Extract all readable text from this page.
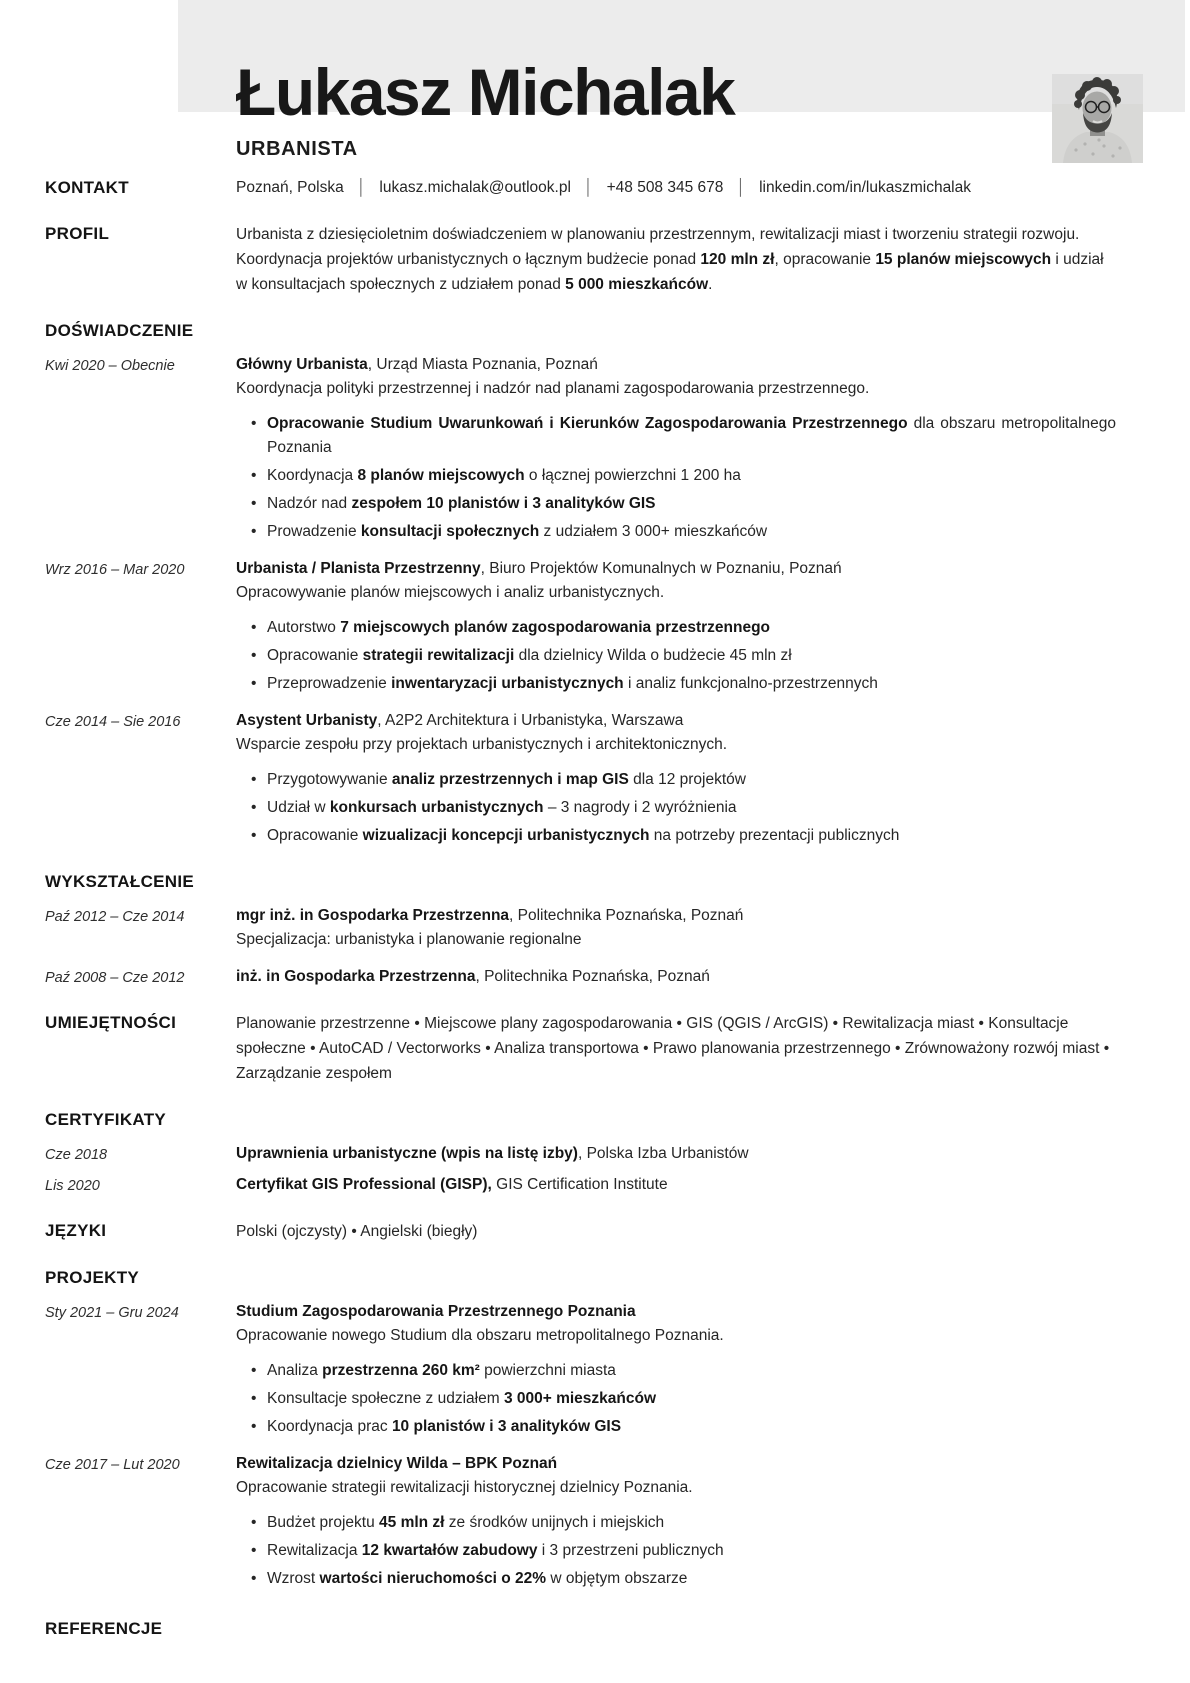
Łukasz Michalak
URBANISTA
KONTAKT	Poznań, Polska │ lukasz.michalak@outlook.pl │ +48 508 345 678 │ linkedin.com/in/lukaszmichalak
PROFIL	Urbanista z dziesięcioletnim doświadczeniem w planowaniu przestrzennym, rewitalizacji miast i tworzeniu strategii rozwoju. Koordynacja projektów urbanistycznych o łącznym budżecie ponad 120 mln zł, opracowanie 15 planów miejscowych i udział w konsultacjach społecznych z udziałem ponad 5 000 mieszkańców.
DOŚWIADCZENIE
Kwi 2020 – Obecnie	Główny Urbanista, Urząd Miasta Poznania, Poznań
Koordynacja polityki przestrzennej i nadzór nad planami zagospodarowania przestrzennego.
• Opracowanie Studium Uwarunkowań i Kierunków Zagospodarowania Przestrzennego dla obszaru metropolitalnego Poznania
• Koordynacja 8 planów miejscowych o łącznej powierzchni 1 200 ha
• Nadzór nad zespołem 10 planistów i 3 analityków GIS
• Prowadzenie konsultacji społecznych z udziałem 3 000+ mieszkańców
Wrz 2016 – Mar 2020	Urbanista / Planista Przestrzenny, Biuro Projektów Komunalnych w Poznaniu, Poznań
Opracowywanie planów miejscowych i analiz urbanistycznych.
• Autorstwo 7 miejscowych planów zagospodarowania przestrzennego
• Opracowanie strategii rewitalizacji dla dzielnicy Wilda o budżecie 45 mln zł
• Przeprowadzenie inwentaryzacji urbanistycznych i analiz funkcjonalno-przestrzennych
Cze 2014 – Sie 2016	Asystent Urbanisty, A2P2 Architektura i Urbanistyka, Warszawa
Wsparcie zespołu przy projektach urbanistycznych i architektonicznych.
• Przygotowywanie analiz przestrzennych i map GIS dla 12 projektów
• Udział w konkursach urbanistycznych – 3 nagrody i 2 wyróżnienia
• Opracowanie wizualizacji koncepcji urbanistycznych na potrzeby prezentacji publicznych
WYKSZTAŁCENIE
Paź 2012 – Cze 2014	mgr inż. in Gospodarka Przestrzenna, Politechnika Poznańska, Poznań
Specjalizacja: urbanistyka i planowanie regionalne
Paź 2008 – Cze 2012	inż. in Gospodarka Przestrzenna, Politechnika Poznańska, Poznań
UMIEJĘTNOŚCI	Planowanie przestrzenne • Miejscowe plany zagospodarowania • GIS (QGIS / ArcGIS) • Rewitalizacja miast • Konsultacje społeczne • AutoCAD / Vectorworks • Analiza transportowa • Prawo planowania przestrzennego • Zrównoważony rozwój miast • Zarządzanie zespołem
CERTYFIKATY
Cze 2018	Uprawnienia urbanistyczne (wpis na listę izby), Polska Izba Urbanistów
Lis 2020	Certyfikat GIS Professional (GISP), GIS Certification Institute
JĘZYKI	Polski (ojczysty) • Angielski (biegły)
PROJEKTY
Sty 2021 – Gru 2024	Studium Zagospodarowania Przestrzennego Poznania
Opracowanie nowego Studium dla obszaru metropolitalnego Poznania.
• Analiza przestrzenna 260 km² powierzchni miasta
• Konsultacje społeczne z udziałem 3 000+ mieszkańców
• Koordynacja prac 10 planistów i 3 analityków GIS
Cze 2017 – Lut 2020	Rewitalizacja dzielnicy Wilda – BPK Poznań
Opracowanie strategii rewitalizacji historycznej dzielnicy Poznania.
• Budżet projektu 45 mln zł ze środków unijnych i miejskich
• Rewitalizacja 12 kwartałów zabudowy i 3 przestrzeni publicznych
• Wzrost wartości nieruchomości o 22% w objętym obszarze
REFERENCJE
